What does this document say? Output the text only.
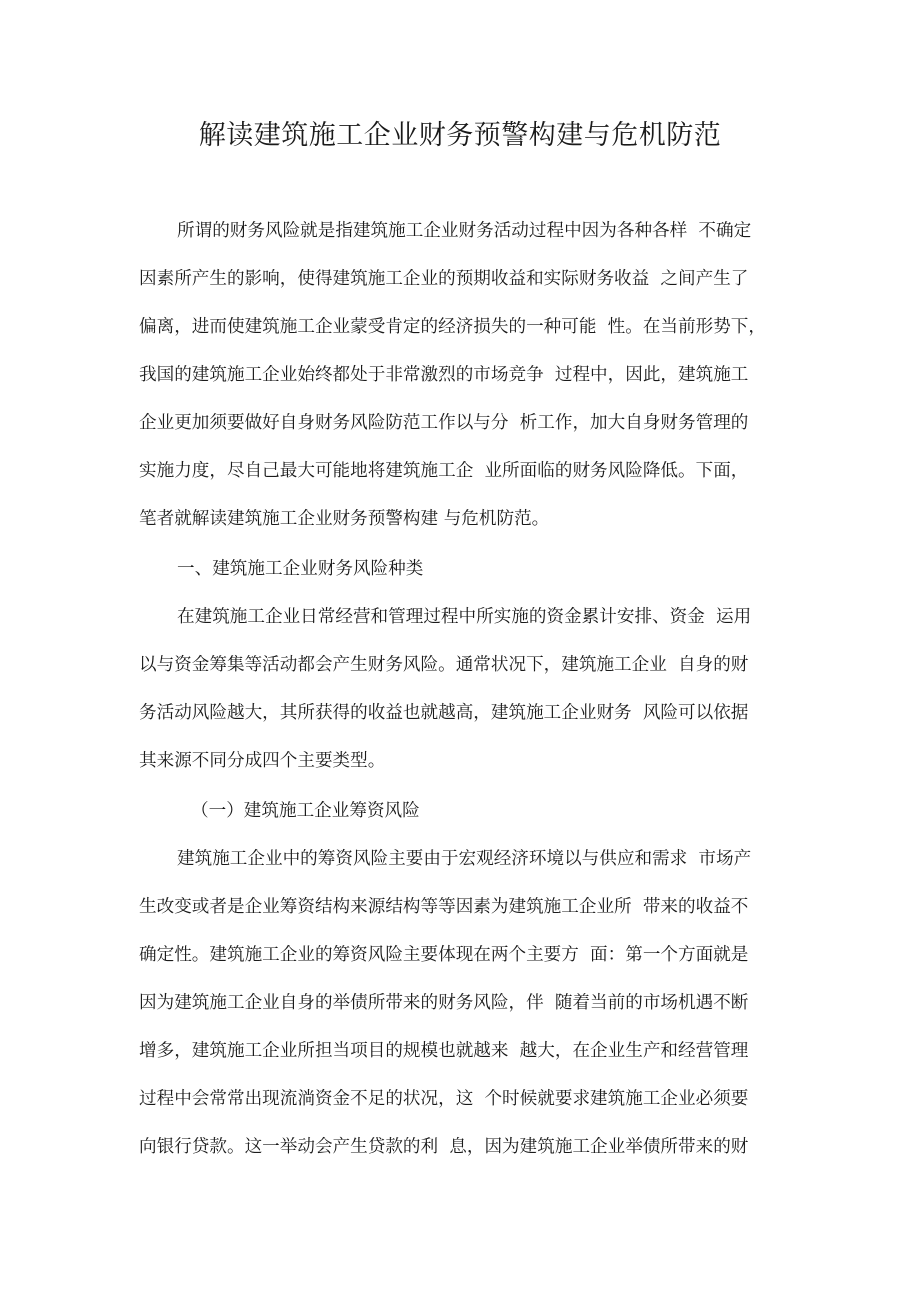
解读建筑施工企业财务预警构建与危机防范
所谓的财务风险就是指建筑施工企业财务活动过程中因为各种各样  不确定
因素所产生的影响，使得建筑施工企业的预期收益和实际财务收益  之间产生了
偏离，进而使建筑施工企业蒙受肯定的经济损失的一种可能  性。在当前形势下，
我国的建筑施工企业始终都处于非常激烈的市场竞争  过程中，因此，建筑施工
企业更加须要做好自身财务风险防范工作以与分  析工作，加大自身财务管理的
实施力度，尽自己最大可能地将建筑施工企  业所面临的财务风险降低。下面，
笔者就解读建筑施工企业财务预警构建 与危机防范。
一、建筑施工企业财务风险种类
在建筑施工企业日常经营和管理过程中所实施的资金累计安排、资金  运用
以与资金筹集等活动都会产生财务风险。通常状况下，建筑施工企业  自身的财
务活动风险越大，其所获得的收益也就越高，建筑施工企业财务  风险可以依据
其来源不同分成四个主要类型。
（一）建筑施工企业筹资风险
建筑施工企业中的筹资风险主要由于宏观经济环境以与供应和需求  市场产
生改变或者是企业筹资结构来源结构等等因素为建筑施工企业所  带来的收益不
确定性。建筑施工企业的筹资风险主要体现在两个主要方  面：第一个方面就是
因为建筑施工企业自身的举债所带来的财务风险，伴  随着当前的市场机遇不断
增多，建筑施工企业所担当项目的规模也就越来  越大，在企业生产和经营管理
过程中会常常出现流淌资金不足的状况，这  个时候就要求建筑施工企业必须要
向银行贷款。这一举动会产生贷款的利  息，因为建筑施工企业举债所带来的财
